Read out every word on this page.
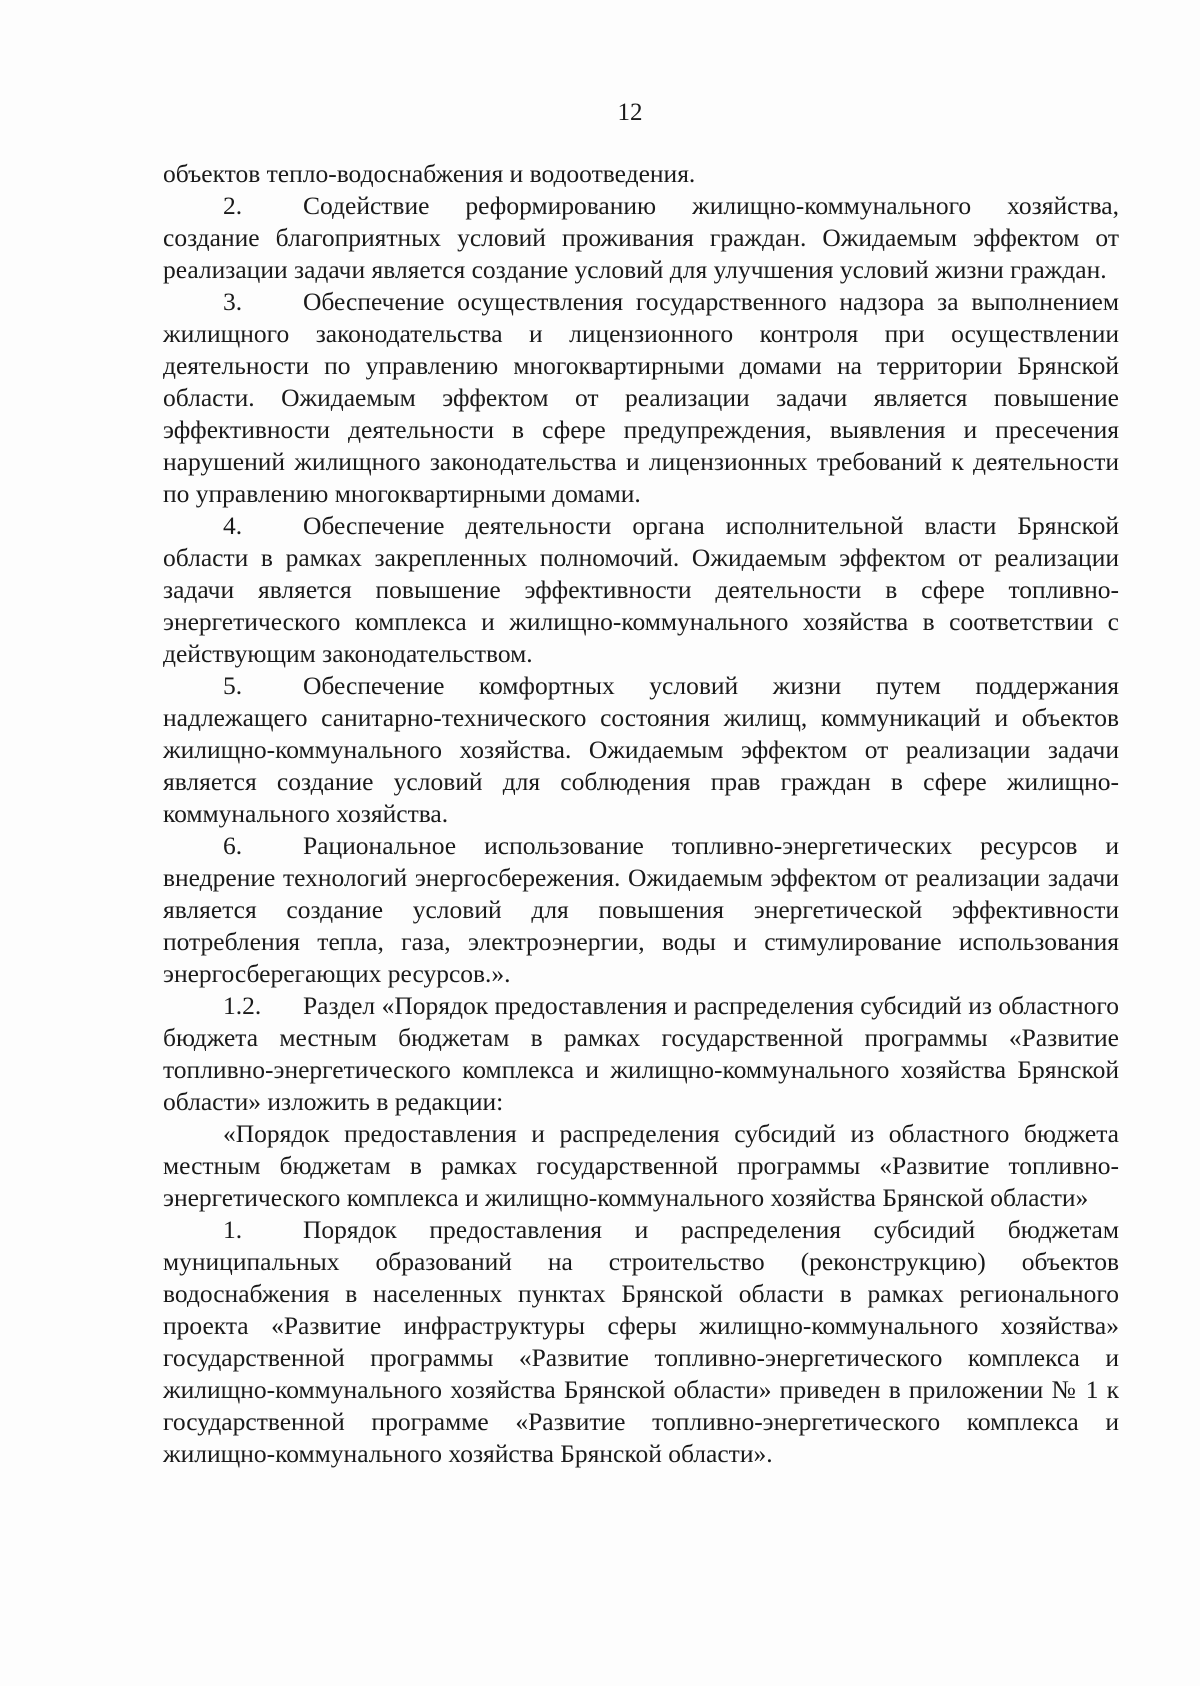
12

объектов тепло-водоснабжения и водоотведения.

2. Содействие реформированию жилищно-коммунального хозяйства, создание благоприятных условий проживания граждан. Ожидаемым эффектом от реализации задачи является создание условий для улучшения условий жизни граждан.

3. Обеспечение осуществления государственного надзора за выполнением жилищного законодательства и лицензионного контроля при осуществлении деятельности по управлению многоквартирными домами на территории Брянской области. Ожидаемым эффектом от реализации задачи является повышение эффективности деятельности в сфере предупреждения, выявления и пресечения нарушений жилищного законодательства и лицензионных требований к деятельности по управлению многоквартирными домами.

4. Обеспечение деятельности органа исполнительной власти Брянской области в рамках закрепленных полномочий. Ожидаемым эффектом от реализации задачи является повышение эффективности деятельности в сфере топливно-энергетического комплекса и жилищно-коммунального хозяйства в соответствии с действующим законодательством.

5. Обеспечение комфортных условий жизни путем поддержания надлежащего санитарно-технического состояния жилищ, коммуникаций и объектов жилищно-коммунального хозяйства. Ожидаемым эффектом от реализации задачи является создание условий для соблюдения прав граждан в сфере жилищно-коммунального хозяйства.

6. Рациональное использование топливно-энергетических ресурсов и внедрение технологий энергосбережения. Ожидаемым эффектом от реализации задачи является создание условий для повышения энергетической эффективности потребления тепла, газа, электроэнергии, воды и стимулирование использования энергосберегающих ресурсов.».

1.2. Раздел «Порядок предоставления и распределения субсидий из областного бюджета местным бюджетам в рамках государственной программы «Развитие топливно-энергетического комплекса и жилищно-коммунального хозяйства Брянской области» изложить в редакции:

«Порядок предоставления и распределения субсидий из областного бюджета местным бюджетам в рамках государственной программы «Развитие топливно-энергетического комплекса и жилищно-коммунального хозяйства Брянской области»

1. Порядок предоставления и распределения субсидий бюджетам муниципальных образований на строительство (реконструкцию) объектов водоснабжения в населенных пунктах Брянской области в рамках регионального проекта «Развитие инфраструктуры сферы жилищно-коммунального хозяйства» государственной программы «Развитие топливно-энергетического комплекса и жилищно-коммунального хозяйства Брянской области» приведен в приложении № 1 к государственной программе «Развитие топливно-энергетического комплекса и жилищно-коммунального хозяйства Брянской области».
